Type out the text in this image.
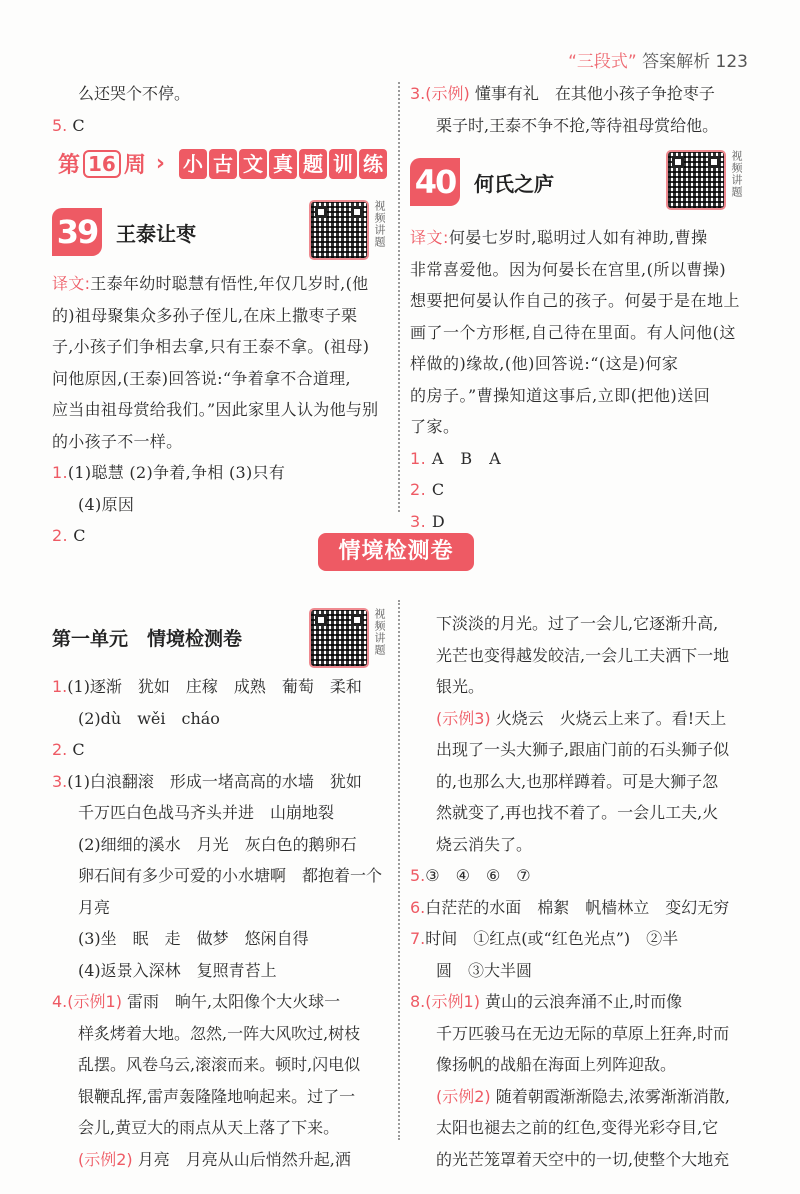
“三段式” 答案解析 123

么还哭个不停。

5. C

第 16 周 › 小 古 文 真 题 训 练
39 王泰让枣	视频讲题

译文:王泰年幼时聪慧有悟性,年仅几岁时,(他

的)祖母聚集众多孙子侄儿,在床上撒枣子栗

子,小孩子们争相去拿,只有王泰不拿。(祖母)

问他原因,(王泰)回答说:“争着拿不合道理,

应当由祖母赏给我们。”因此家里人认为他与别

的小孩子不一样。

1.(1)聪慧 (2)争着,争相 (3)只有

(4)原因

2. C

3.(示例) 懂事有礼　在其他小孩子争抢枣子

栗子时,王泰不争不抢,等待祖母赏给他。

40 何氏之庐	视频讲题

译文:何晏七岁时,聪明过人如有神助,曹操

非常喜爱他。因为何晏长在宫里,(所以曹操)

想要把何晏认作自己的孩子。何晏于是在地上

画了一个方形框,自己待在里面。有人问他(这

样做的)缘故,(他)回答说:“(这是)何家

的房子。”曹操知道这事后,立即(把他)送回

了家。

1. A　B　A

2. C

3. D

情境检测卷
第一单元　情境检测卷	视频讲题

1.(1)逐渐　犹如　庄稼　成熟　葡萄　柔和

(2)dù　wěi　cháo

2. C

3.(1)白浪翻滚　形成一堵高高的水墙　犹如

千万匹白色战马齐头并进　山崩地裂

(2)细细的溪水　月光　灰白色的鹅卵石

卵石间有多少可爱的小水塘啊　都抱着一个

月亮

(3)坐　眠　走　做梦　悠闲自得

(4)返景入深林　复照青苔上

4.(示例1) 雷雨　晌午,太阳像个大火球一

样炙烤着大地。忽然,一阵大风吹过,树枝

乱摆。风卷乌云,滚滚而来。顿时,闪电似

银鞭乱挥,雷声轰隆隆地响起来。过了一

会儿,黄豆大的雨点从天上落了下来。

(示例2) 月亮　月亮从山后悄然升起,洒

下淡淡的月光。过了一会儿,它逐渐升高,

光芒也变得越发皎洁,一会儿工夫洒下一地

银光。

(示例3) 火烧云　火烧云上来了。看!天上

出现了一头大狮子,跟庙门前的石头狮子似

的,也那么大,也那样蹲着。可是大狮子忽

然就变了,再也找不着了。一会儿工夫,火

烧云消失了。

5.③　④　⑥　⑦

6.白茫茫的水面　棉絮　帆樯林立　变幻无穷

7.时间　①红点(或“红色光点”)　②半

圆　③大半圆

8.(示例1) 黄山的云浪奔涌不止,时而像

千万匹骏马在无边无际的草原上狂奔,时而

像扬帆的战船在海面上列阵迎敌。

(示例2) 随着朝霞渐渐隐去,浓雾渐渐消散,

太阳也褪去之前的红色,变得光彩夺目,它

的光芒笼罩着天空中的一切,使整个大地充
